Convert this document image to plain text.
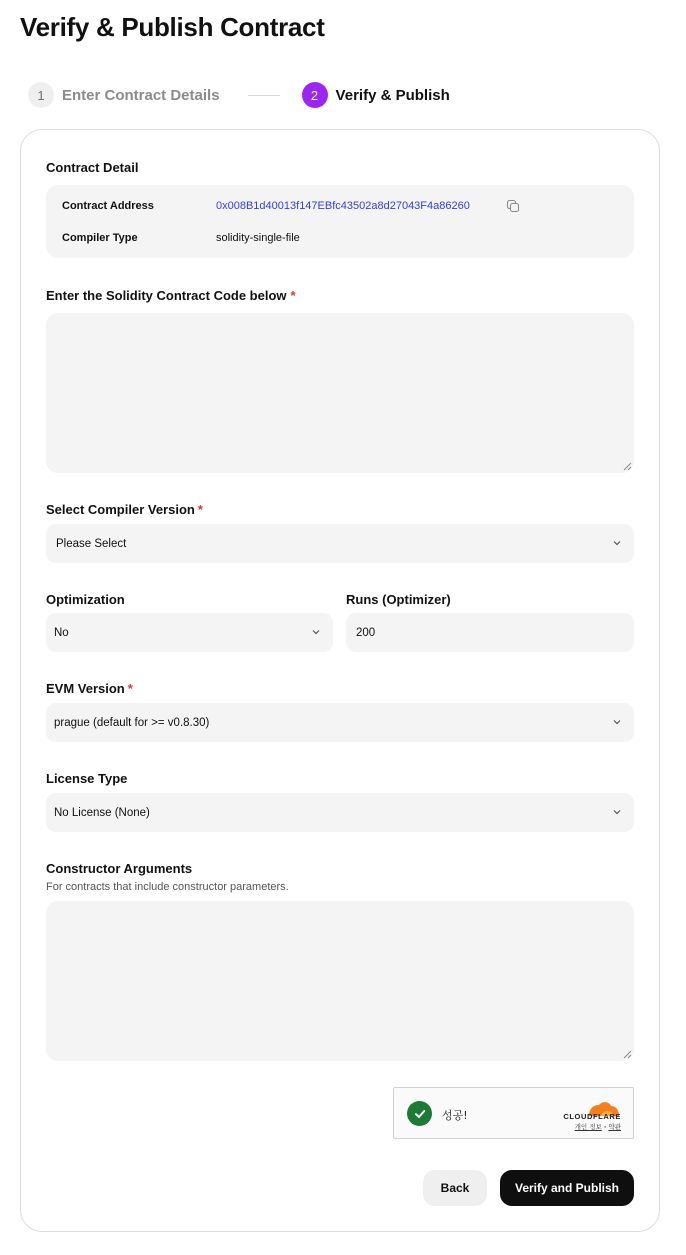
Verify & Publish Contract
1	Enter Contract Details	2	Verify & Publish
Contract Detail
Contract Address	0x008B1d40013f147EBfc43502a8d27043F4a86260
Compiler Type	solidity-single-file
Enter the Solidity Contract Code below *
Select Compiler Version *
Please Select
Optimization
No
Runs (Optimizer)
200
EVM Version *
prague (default for >= v0.8.30)
License Type
No License (None)
Constructor Arguments
For contracts that include constructor parameters.
성공!	CLOUDFLARE
개인 정보 · 약관
Back	Verify and Publish
